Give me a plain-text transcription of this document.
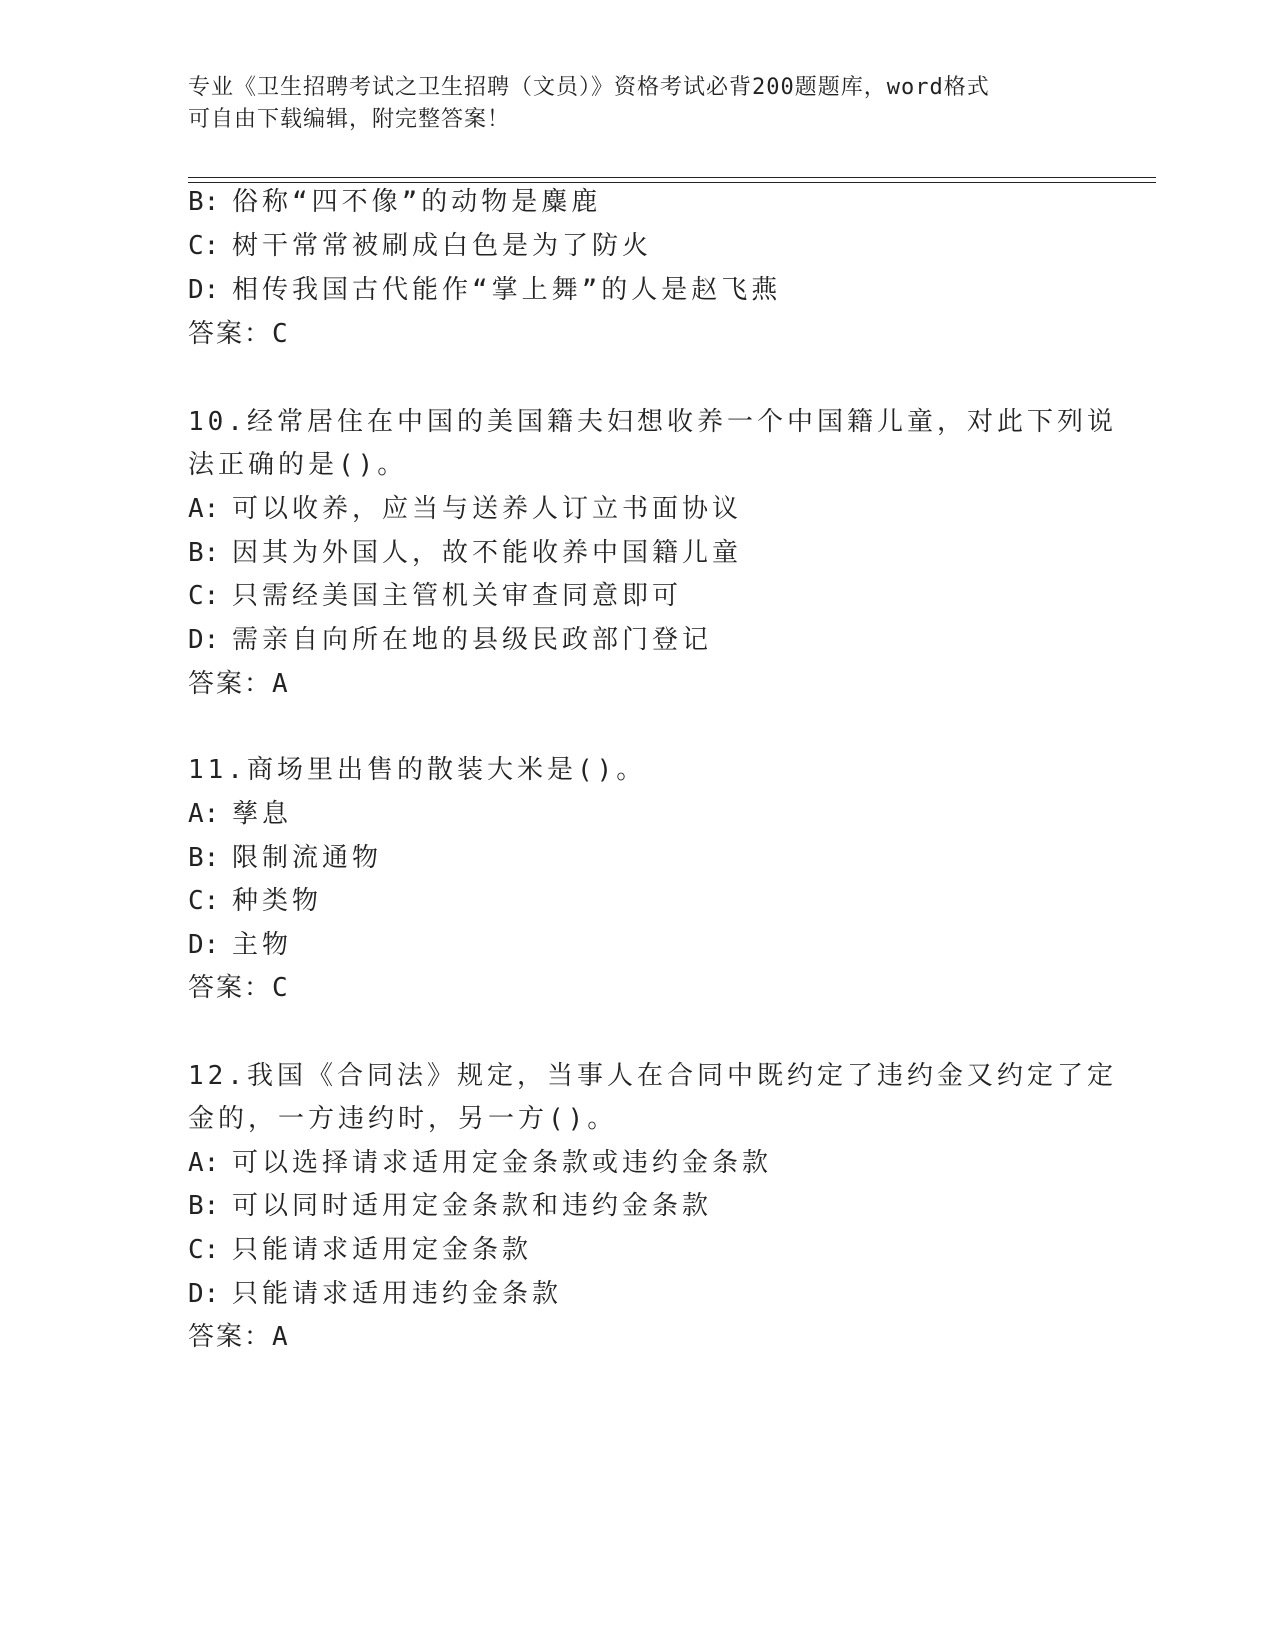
专业《卫生招聘考试之卫生招聘（文员）》资格考试必背200题题库，word格式
可自由下载编辑，附完整答案！
B: 俗称“四不像”的动物是麋鹿
C: 树干常常被刷成白色是为了防火
D: 相传我国古代能作“掌上舞”的人是赵飞燕
答案：C
10.经常居住在中国的美国籍夫妇想收养一个中国籍儿童，对此下列说
法正确的是()。
A: 可以收养，应当与送养人订立书面协议
B: 因其为外国人，故不能收养中国籍儿童
C: 只需经美国主管机关审查同意即可
D: 需亲自向所在地的县级民政部门登记
答案：A
11.商场里出售的散装大米是()。
A: 孳息
B: 限制流通物
C: 种类物
D: 主物
答案：C
12.我国《合同法》规定，当事人在合同中既约定了违约金又约定了定
金的，一方违约时，另一方()。
A: 可以选择请求适用定金条款或违约金条款
B: 可以同时适用定金条款和违约金条款
C: 只能请求适用定金条款
D: 只能请求适用违约金条款
答案：A
